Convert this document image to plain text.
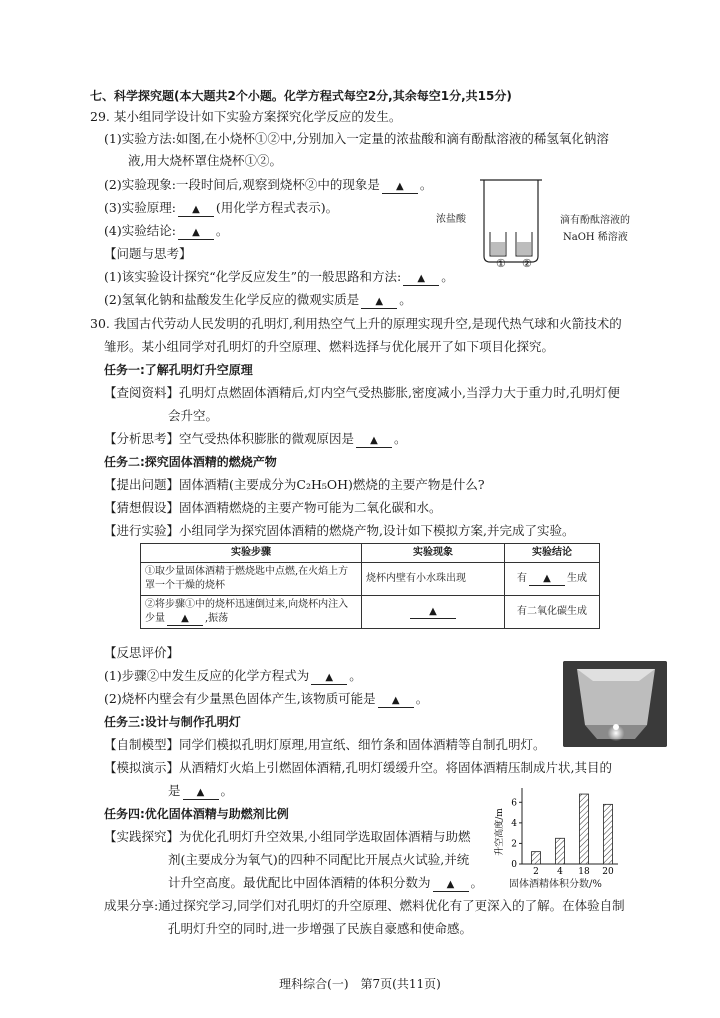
七、科学探究题(本大题共2个小题。化学方程式每空2分,其余每空1分,共15分)
29. 某小组同学设计如下实验方案探究化学反应的发生。
(1)实验方法:如图,在小烧杯①②中,分别加入一定量的浓盐酸和滴有酚酞溶液的稀氢氧化钠溶
液,用大烧杯罩住烧杯①②。
(2)实验现象:一段时间后,观察到烧杯②中的现象是 ▲ 。
(3)实验原理: ▲ (用化学方程式表示)。
(4)实验结论: ▲ 。
【问题与思考】
(1)该实验设计探究“化学反应发生”的一般思路和方法: ▲ 。
(2)氢氧化钠和盐酸发生化学反应的微观实质是 ▲ 。
浓盐酸	滴有酚酞溶液的
NaOH 稀溶液
① ②
30. 我国古代劳动人民发明的孔明灯,利用热空气上升的原理实现升空,是现代热气球和火箭技术的
雏形。某小组同学对孔明灯的升空原理、燃料选择与优化展开了如下项目化探究。
任务一:了解孔明灯升空原理
【查阅资料】孔明灯点燃固体酒精后,灯内空气受热膨胀,密度减小,当浮力大于重力时,孔明灯便
会升空。
【分析思考】空气受热体积膨胀的微观原因是 ▲ 。
任务二:探究固体酒精的燃烧产物
【提出问题】固体酒精(主要成分为C₂H₅OH)燃烧的主要产物是什么?
【猜想假设】固体酒精燃烧的主要产物可能为二氧化碳和水。
【进行实验】小组同学为探究固体酒精的燃烧产物,设计如下模拟方案,并完成了实验。
实验步骤	实验现象	实验结论
①取少量固体酒精于燃烧匙中点燃,在火焰上方罩一个干燥的烧杯	烧杯内壁有小水珠出现	有 ▲ 生成
②将步骤①中的烧杯迅速倒过来,向烧杯内注入少量 ▲ ,振荡	▲	有二氧化碳生成
【反思评价】
(1)步骤②中发生反应的化学方程式为 ▲ 。
(2)烧杯内壁会有少量黑色固体产生,该物质可能是 ▲ 。
任务三:设计与制作孔明灯
【自制模型】同学们模拟孔明灯原理,用宣纸、细竹条和固体酒精等自制孔明灯。
【模拟演示】从酒精灯火焰上引燃固体酒精,孔明灯缓缓升空。将固体酒精压制成片状,其目的
是 ▲ 。
任务四:优化固体酒精与助燃剂比例
【实践探究】为优化孔明灯升空效果,小组同学选取固体酒精与助燃
剂(主要成分为氧气)的四种不同配比开展点火试验,并统
计升空高度。最优配比中固体酒精的体积分数为 ▲ 。
升空高度/m
0
2
4
6
2 4 18 20
固体酒精体积分数/%
成果分享:通过探究学习,同学们对孔明灯的升空原理、燃料优化有了更深入的了解。在体验自制
孔明灯升空的同时,进一步增强了民族自豪感和使命感。
理科综合(一)　第7页(共11页)
